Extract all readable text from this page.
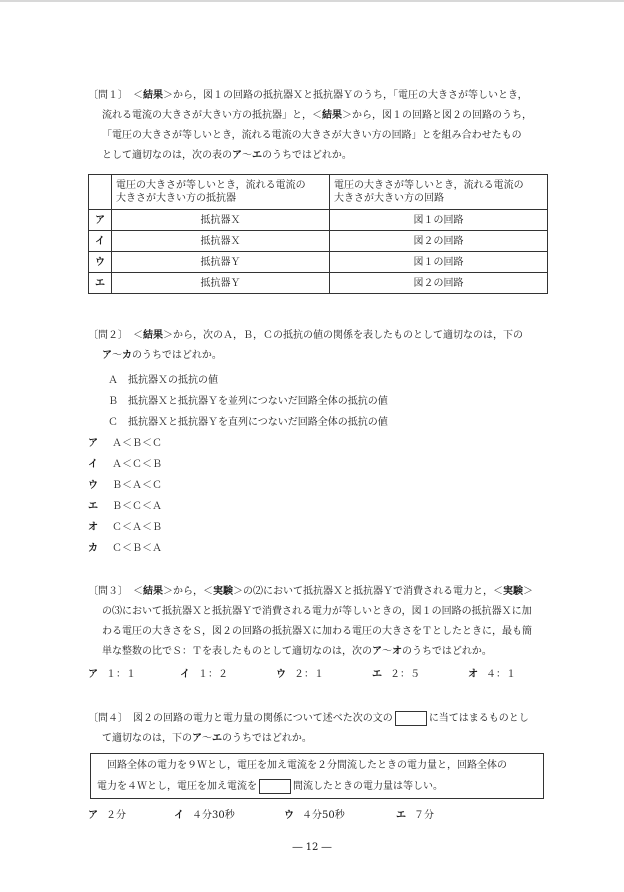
〔問１〕　＜結果＞から，図１の回路の抵抗器Ｘと抵抗器Ｙのうち，「電圧の大きさが等しいとき，
流れる電流の大きさが大きい方の抵抗器」と，＜結果＞から，図１の回路と図２の回路のうち，
「電圧の大きさが等しいとき，流れる電流の大きさが大きい方の回路」とを組み合わせたもの
として適切なのは，次の表のア～エのうちではどれか。
	電圧の大きさが等しいとき，流れる電流の
大きさが大きい方の抵抗器	電圧の大きさが等しいとき，流れる電流の
大きさが大きい方の回路
ア	抵抗器Ｘ	図１の回路
イ	抵抗器Ｘ	図２の回路
ウ	抵抗器Ｙ	図１の回路
エ	抵抗器Ｙ	図２の回路
〔問２〕　＜結果＞から，次のＡ，Ｂ，Ｃの抵抗の値の関係を表したものとして適切なのは，下の
ア～カのうちではどれか。
Ａ 抵抗器Ｘの抵抗の値
Ｂ 抵抗器Ｘと抵抗器Ｙを並列につないだ回路全体の抵抗の値
Ｃ 抵抗器Ｘと抵抗器Ｙを直列につないだ回路全体の抵抗の値
ア Ａ＜Ｂ＜Ｃ
イ Ａ＜Ｃ＜Ｂ
ウ Ｂ＜Ａ＜Ｃ
エ Ｂ＜Ｃ＜Ａ
オ Ｃ＜Ａ＜Ｂ
カ Ｃ＜Ｂ＜Ａ
〔問３〕　＜結果＞から，＜実験＞の⑵において抵抗器Ｘと抵抗器Ｙで消費される電力と，＜実験＞
の⑶において抵抗器Ｘと抵抗器Ｙで消費される電力が等しいときの，図１の回路の抵抗器Ｘに加
わる電圧の大きさをＳ，図２の回路の抵抗器Ｘに加わる電圧の大きさをＴとしたときに，最も簡
単な整数の比でＳ：Ｔを表したものとして適切なのは，次のア～オのうちではどれか。
ア １：１	イ １：２	ウ ２：１	エ ２：５	オ ４：１
〔問４〕　 図２の回路の電力と電力量の関係について述べた次の文の	に当てはまるものとし
て適切なのは，下のア～エのうちではどれか。
回路全体の電力を９Ｗとし，電圧を加え電流を２分間流したときの電力量と，回路全体の
電力を４Ｗとし，電圧を加え電流を	間流したときの電力量は等しい。
ア ２分	イ ４分30秒	ウ ４分50秒	エ ７分
― 12 ―
